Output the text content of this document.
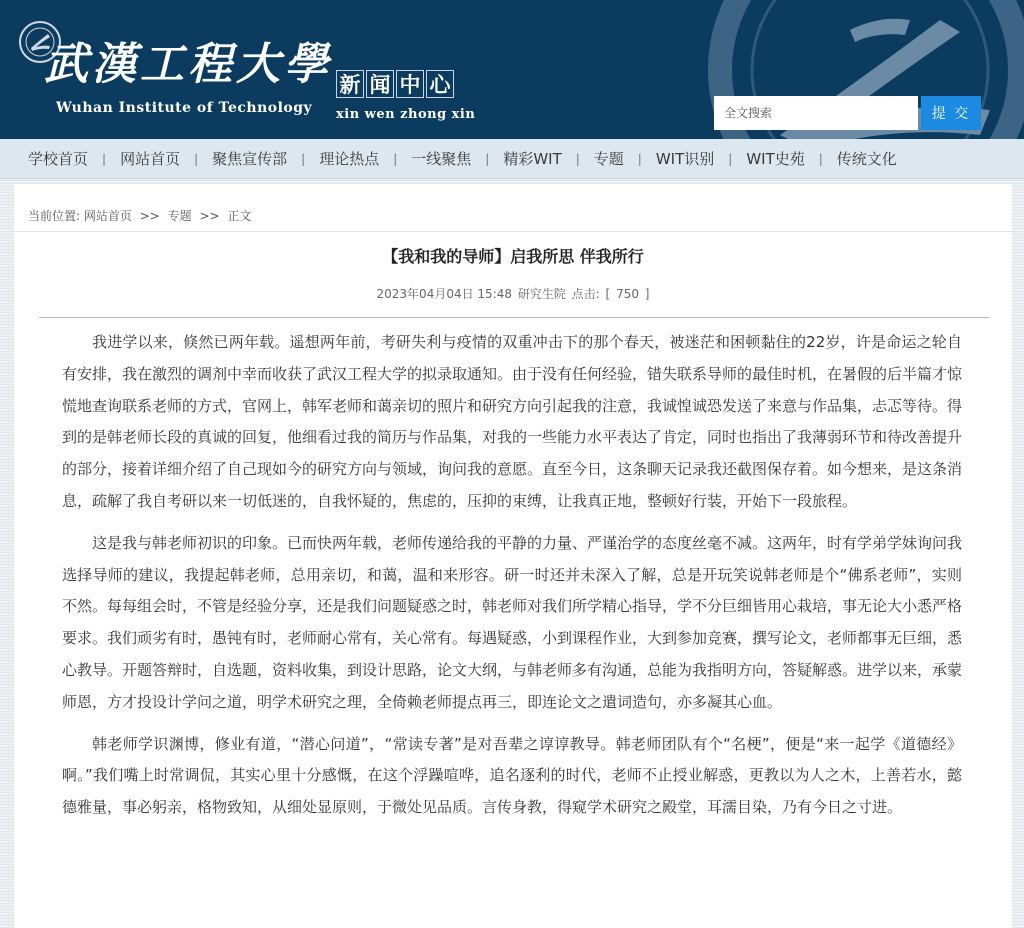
武漢工程大學
Wuhan Institute of Technology
新 闻 中 心
xin wen zhong xin
全文搜索	提 交
学校首页 | 网站首页 | 聚焦宣传部 | 理论热点 | 一线聚焦 | 精彩WIT | 专题 | WIT识别 | WIT史苑 | 传统文化
当前位置: 网站首页 >> 专题 >> 正文
【我和我的导师】启我所思 伴我所行
2023年04月04日 15:48 研究生院 点击: [ 750 ]

我进学以来，倏然已两年载。遥想两年前，考研失利与疫情的双重冲击下的那个春天，被迷茫和困顿黏住的22岁，许是命运之轮自有安排，我在激烈的调剂中幸而收获了武汉工程大学的拟录取通知。由于没有任何经验，错失联系导师的最佳时机，在暑假的后半篇才惊慌地查询联系老师的方式，官网上，韩军老师和蔼亲切的照片和研究方向引起我的注意，我诚惶诚恐发送了来意与作品集，忐忑等待。得到的是韩老师长段的真诚的回复，他细看过我的简历与作品集，对我的一些能力水平表达了肯定，同时也指出了我薄弱环节和待改善提升的部分，接着详细介绍了自己现如今的研究方向与领域，询问我的意愿。直至今日，这条聊天记录我还截图保存着。如今想来，是这条消息，疏解了我自考研以来一切低迷的，自我怀疑的，焦虑的，压抑的束缚，让我真正地，整顿好行装，开始下一段旅程。

这是我与韩老师初识的印象。已而快两年载，老师传递给我的平静的力量、严谨治学的态度丝毫不减。这两年，时有学弟学妹询问我选择导师的建议，我提起韩老师，总用亲切，和蔼，温和来形容。研一时还并未深入了解，总是开玩笑说韩老师是个“佛系老师”，实则不然。每每组会时，不管是经验分享，还是我们问题疑惑之时，韩老师对我们所学精心指导，学不分巨细皆用心栽培，事无论大小悉严格要求。我们顽劣有时，愚钝有时，老师耐心常有，关心常有。每遇疑惑，小到课程作业，大到参加竞赛，撰写论文，老师都事无巨细，悉心教导。开题答辩时，自选题，资料收集，到设计思路，论文大纲，与韩老师多有沟通，总能为我指明方向，答疑解惑。进学以来，承蒙师恩，方才投设计学问之道，明学术研究之理，全倚赖老师提点再三，即连论文之遣词造句，亦多凝其心血。

韩老师学识渊博，修业有道，“潜心问道”，“常读专著”是对吾辈之谆谆教导。韩老师团队有个“名梗”，便是“来一起学《道德经》啊。”我们嘴上时常调侃，其实心里十分感慨，在这个浮躁喧哗，追名逐利的时代，老师不止授业解惑，更教以为人之木，上善若水，懿德雅量，事必躬亲，格物致知，从细处显原则，于微处见品质。言传身教，得窥学术研究之殿堂，耳濡目染，乃有今日之寸进。
